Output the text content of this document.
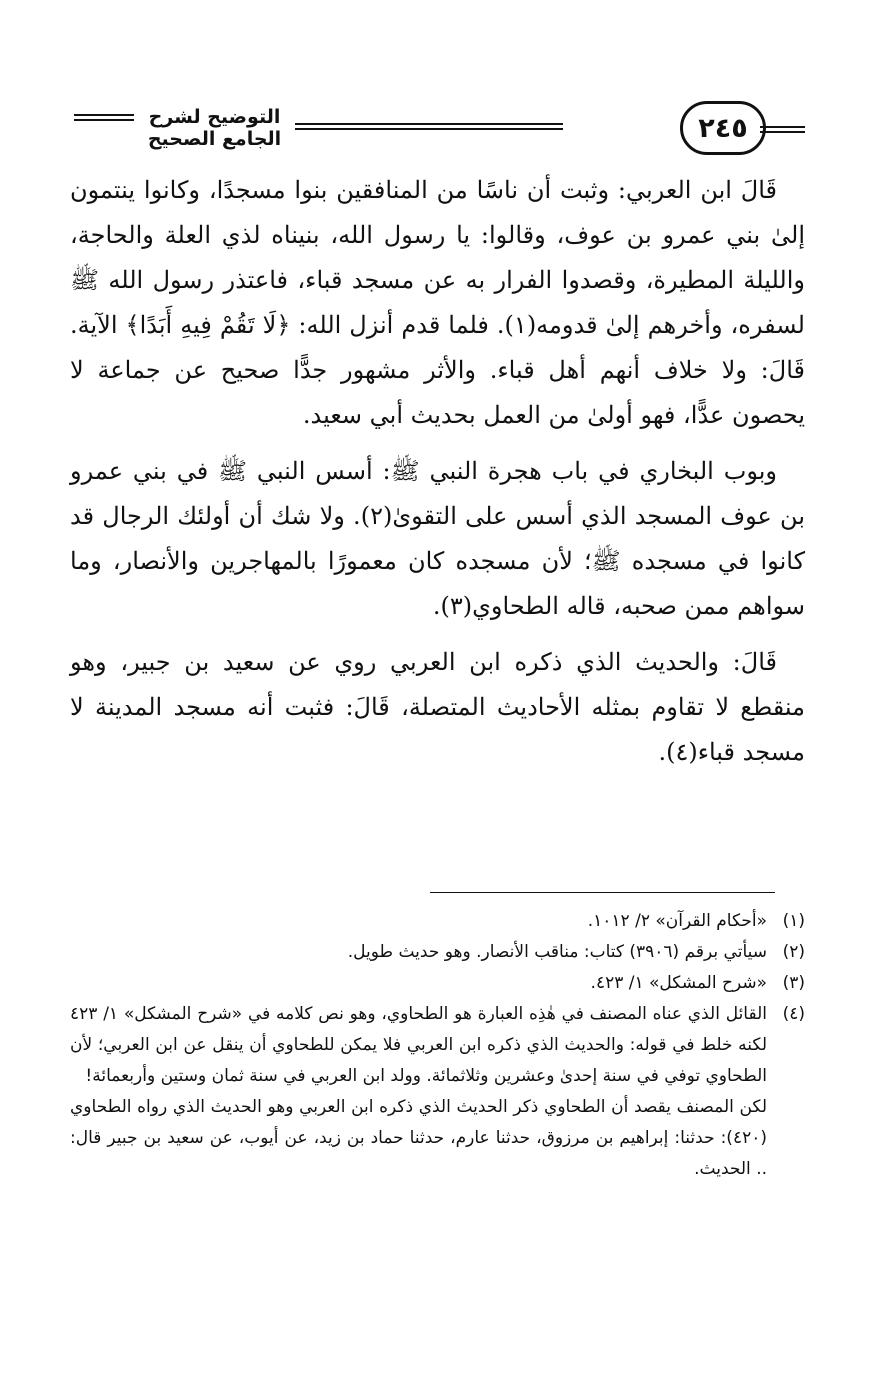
التوضيح لشرح الجامع الصحيح	٢٤٥

قَالَ ابن العربي: وثبت أن ناسًا من المنافقين بنوا مسجدًا، وكانوا ينتمون إلىٰ بني عمرو بن عوف، وقالوا: يا رسول الله، بنيناه لذي العلة والحاجة، والليلة المطيرة، وقصدوا الفرار به عن مسجد قباء، فاعتذر رسول الله ﷺ لسفره، وأخرهم إلىٰ قدومه(١). فلما قدم أنزل الله: ﴿لَا تَقُمْ فِيهِ أَبَدًا﴾ الآية. قَالَ: ولا خلاف أنهم أهل قباء. والأثر مشهور جدًّا صحيح عن جماعة لا يحصون عدًّا، فهو أولىٰ من العمل بحديث أبي سعيد.

وبوب البخاري في باب هجرة النبي ﷺ: أسس النبي ﷺ في بني عمرو بن عوف المسجد الذي أسس على التقوىٰ(٢). ولا شك أن أولئك الرجال قد كانوا في مسجده ﷺ؛ لأن مسجده كان معمورًا بالمهاجرين والأنصار، وما سواهم ممن صحبه، قاله الطحاوي(٣).

قَالَ: والحديث الذي ذكره ابن العربي روي عن سعيد بن جبير، وهو منقطع لا تقاوم بمثله الأحاديث المتصلة، قَالَ: فثبت أنه مسجد المدينة لا مسجد قباء(٤).

(١)
«أحكام القرآن» ٢/ ١٠١٢.
(٢)
سيأتي برقم (٣٩٠٦) كتاب: مناقب الأنصار. وهو حديث طويل.
(٣)
«شرح المشكل» ١/ ٤٢٣.
(٤)
القائل الذي عناه المصنف في هٰذِه العبارة هو الطحاوي، وهو نص كلامه في «شرح المشكل» ١/ ٤٢٣ لكنه خلط في قوله: والحديث الذي ذكره ابن العربي فلا يمكن للطحاوي أن ينقل عن ابن العربي؛ لأن الطحاوي توفي في سنة إحدىٰ وعشرين وثلاثمائة. وولد ابن العربي في سنة ثمان وستين وأربعمائة!
لكن المصنف يقصد أن الطحاوي ذكر الحديث الذي ذكره ابن العربي وهو الحديث الذي رواه الطحاوي (٤٢٠): حدثنا: إبراهيم بن مرزوق، حدثنا عارم، حدثنا حماد بن زيد، عن أيوب، عن سعيد بن جبير قال: .. الحديث.
